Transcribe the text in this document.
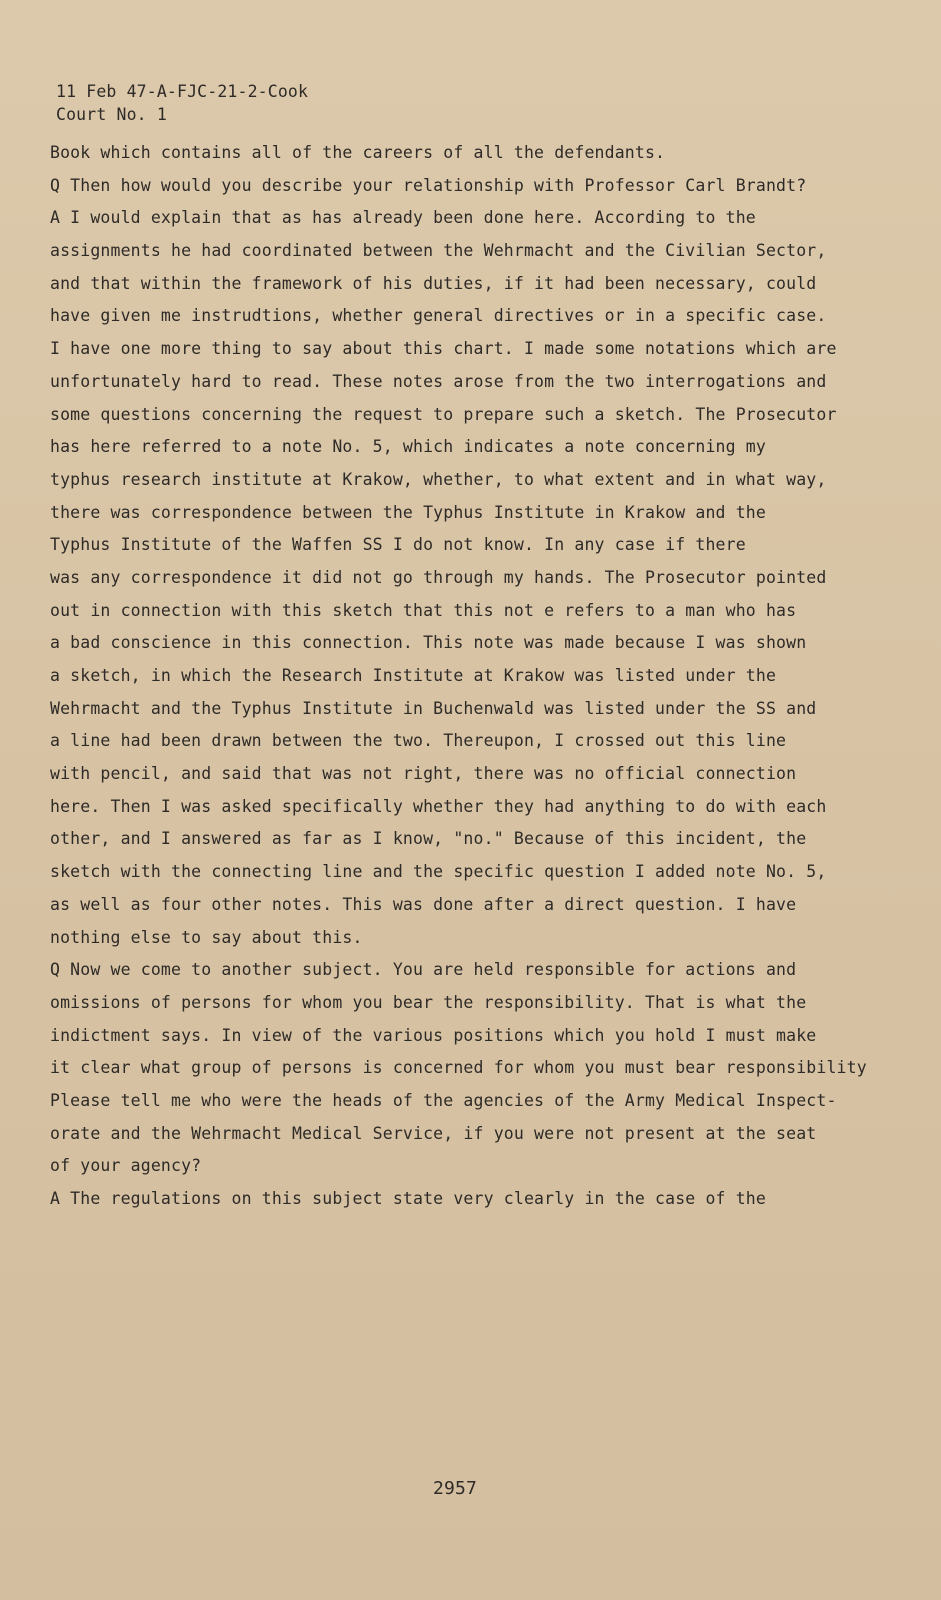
11 Feb 47-A-FJC-21-2-Cook
Court No. 1
Book which contains all of the careers of all the defendants.
Q Then how would you describe your relationship with Professor Carl Brandt?
A I would explain that as has already been done here. According to the
assignments he had coordinated between the Wehrmacht and the Civilian Sector,
and that within the framework of his duties, if it had been necessary, could
have given me instrudtions, whether general directives or in a specific case.
I have one more thing to say about this chart. I made some notations which are
unfortunately hard to read. These notes arose from the two interrogations and
some questions concerning the request to prepare such a sketch. The Prosecutor
has here referred to a note No. 5, which indicates a note concerning my
typhus research institute at Krakow, whether, to what extent and in what way,
there was correspondence between the Typhus Institute in Krakow and the
Typhus Institute of the Waffen SS I do not know. In any case if there
was any correspondence it did not go through my hands. The Prosecutor pointed
out in connection with this sketch that this not e refers to a man who has
a bad conscience in this connection. This note was made because I was shown
a sketch, in which the Research Institute at Krakow was listed under the
Wehrmacht and the Typhus Institute in Buchenwald was listed under the SS and
a line had been drawn between the two. Thereupon, I crossed out this line
with pencil, and said that was not right, there was no official connection
here. Then I was asked specifically whether they had anything to do with each
other, and I answered as far as I know, "no." Because of this incident, the
sketch with the connecting line and the specific question I added note No. 5,
as well as four other notes. This was done after a direct question. I have
nothing else to say about this.
Q Now we come to another subject. You are held responsible for actions and
omissions of persons for whom you bear the responsibility. That is what the
indictment says. In view of the various positions which you hold I must make
it clear what group of persons is concerned for whom you must bear responsibility
Please tell me who were the heads of the agencies of the Army Medical Inspect-
orate and the Wehrmacht Medical Service, if you were not present at the seat
of your agency?
A The regulations on this subject state very clearly in the case of the
2957
